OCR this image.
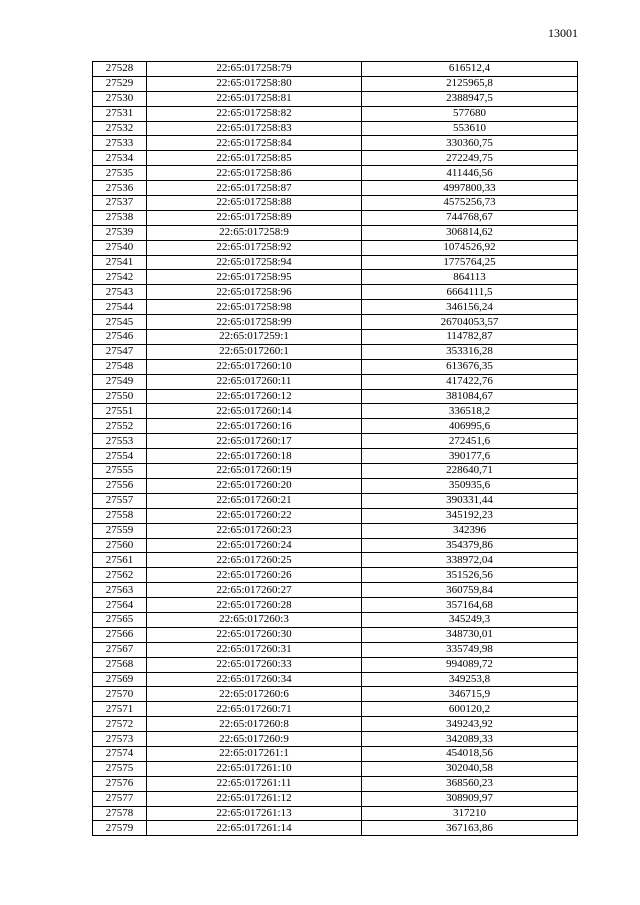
13001
27528	22:65:017258:79	616512,4
27529	22:65:017258:80	2125965,8
27530	22:65:017258:81	2388947,5
27531	22:65:017258:82	577680
27532	22:65:017258:83	553610
27533	22:65:017258:84	330360,75
27534	22:65:017258:85	272249,75
27535	22:65:017258:86	411446,56
27536	22:65:017258:87	4997800,33
27537	22:65:017258:88	4575256,73
27538	22:65:017258:89	744768,67
27539	22:65:017258:9	306814,62
27540	22:65:017258:92	1074526,92
27541	22:65:017258:94	1775764,25
27542	22:65:017258:95	864113
27543	22:65:017258:96	6664111,5
27544	22:65:017258:98	346156,24
27545	22:65:017258:99	26704053,57
27546	22:65:017259:1	114782,87
27547	22:65:017260:1	353316,28
27548	22:65:017260:10	613676,35
27549	22:65:017260:11	417422,76
27550	22:65:017260:12	381084,67
27551	22:65:017260:14	336518,2
27552	22:65:017260:16	406995,6
27553	22:65:017260:17	272451,6
27554	22:65:017260:18	390177,6
27555	22:65:017260:19	228640,71
27556	22:65:017260:20	350935,6
27557	22:65:017260:21	390331,44
27558	22:65:017260:22	345192,23
27559	22:65:017260:23	342396
27560	22:65:017260:24	354379,86
27561	22:65:017260:25	338972,04
27562	22:65:017260:26	351526,56
27563	22:65:017260:27	360759,84
27564	22:65:017260:28	357164,68
27565	22:65:017260:3	345249,3
27566	22:65:017260:30	348730,01
27567	22:65:017260:31	335749,98
27568	22:65:017260:33	994089,72
27569	22:65:017260:34	349253,8
27570	22:65:017260:6	346715,9
27571	22:65:017260:71	600120,2
27572	22:65:017260:8	349243,92
27573	22:65:017260:9	342089,33
27574	22:65:017261:1	454018,56
27575	22:65:017261:10	302040,58
27576	22:65:017261:11	368560,23
27577	22:65:017261:12	308909,97
27578	22:65:017261:13	317210
27579	22:65:017261:14	367163,86
